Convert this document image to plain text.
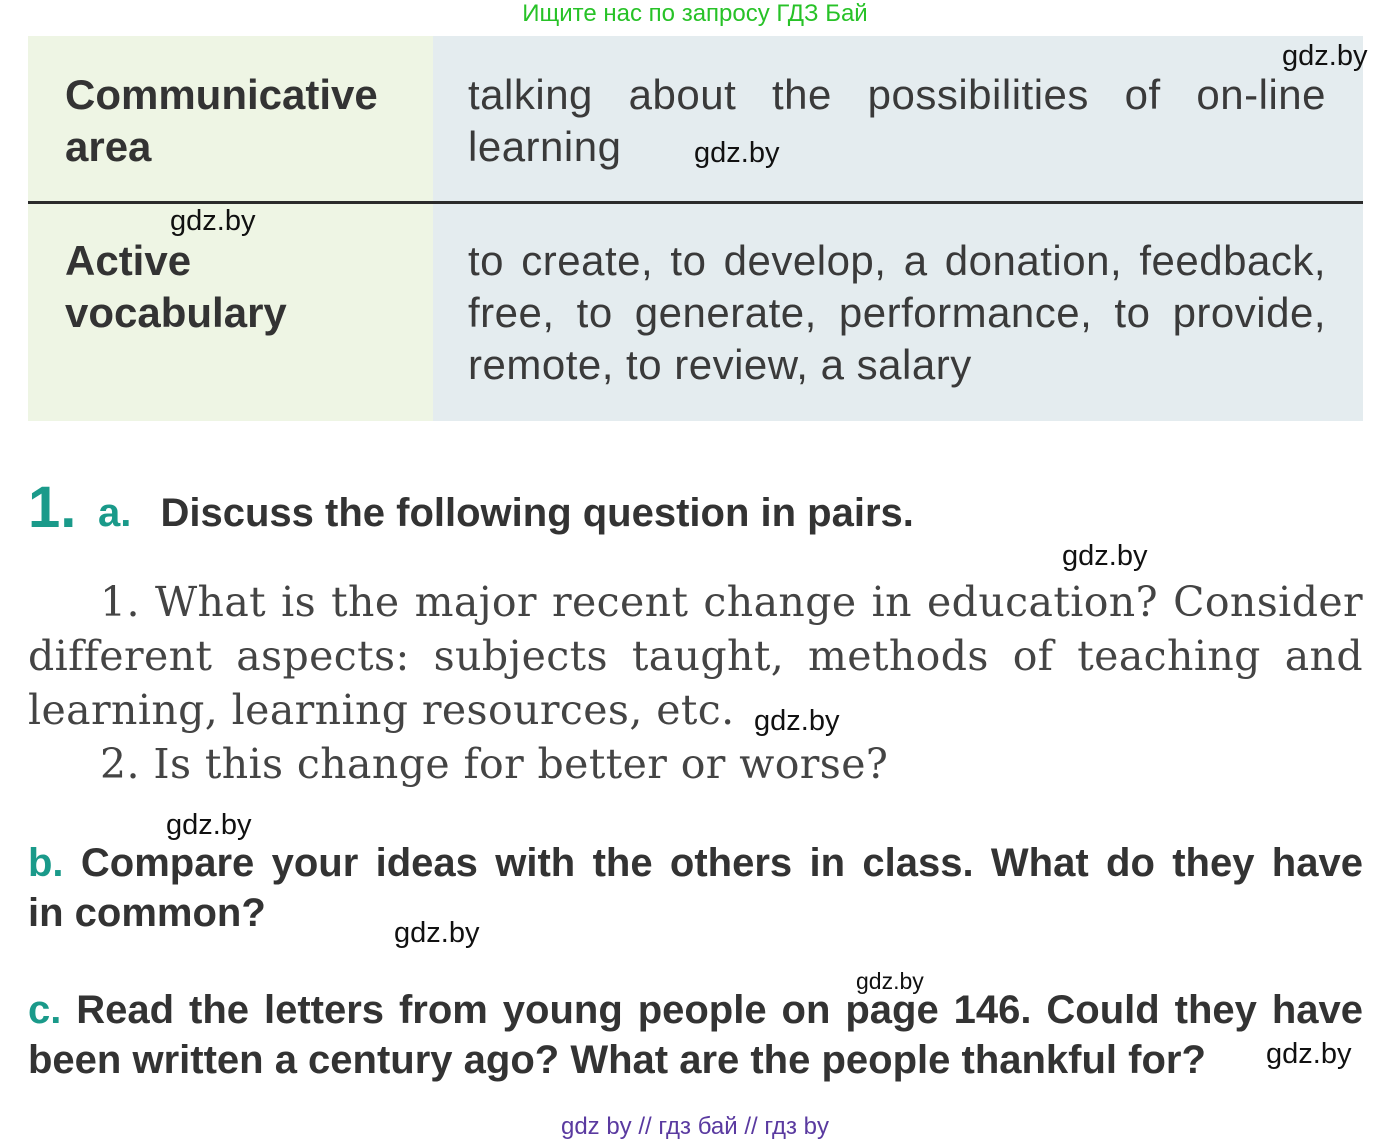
Ищите нас по запросу ГДЗ Бай
Communicative
area
talking about the possibilities of on-line
learning
Active
vocabulary
to create, to develop, a donation, feedback,
free, to generate, performance, to provide,
remote, to review, a salary
1. a. Discuss the following question in pairs.
1. What is the major recent change in education? Consider
different aspects: subjects taught, methods of teaching and
learning, learning resources, etc.
2. Is this change for better or worse?
b. Compare your ideas with the others in class. What do they have
in common?
c. Read the letters from young people on page 146. Could they have
been written a century ago? What are the people thankful for?
gdz.by
gdz.by
gdz.by
gdz.by
gdz.by
gdz.by
gdz.by
gdz.by
gdz.by
gdz by // гдз бай // гдз by
